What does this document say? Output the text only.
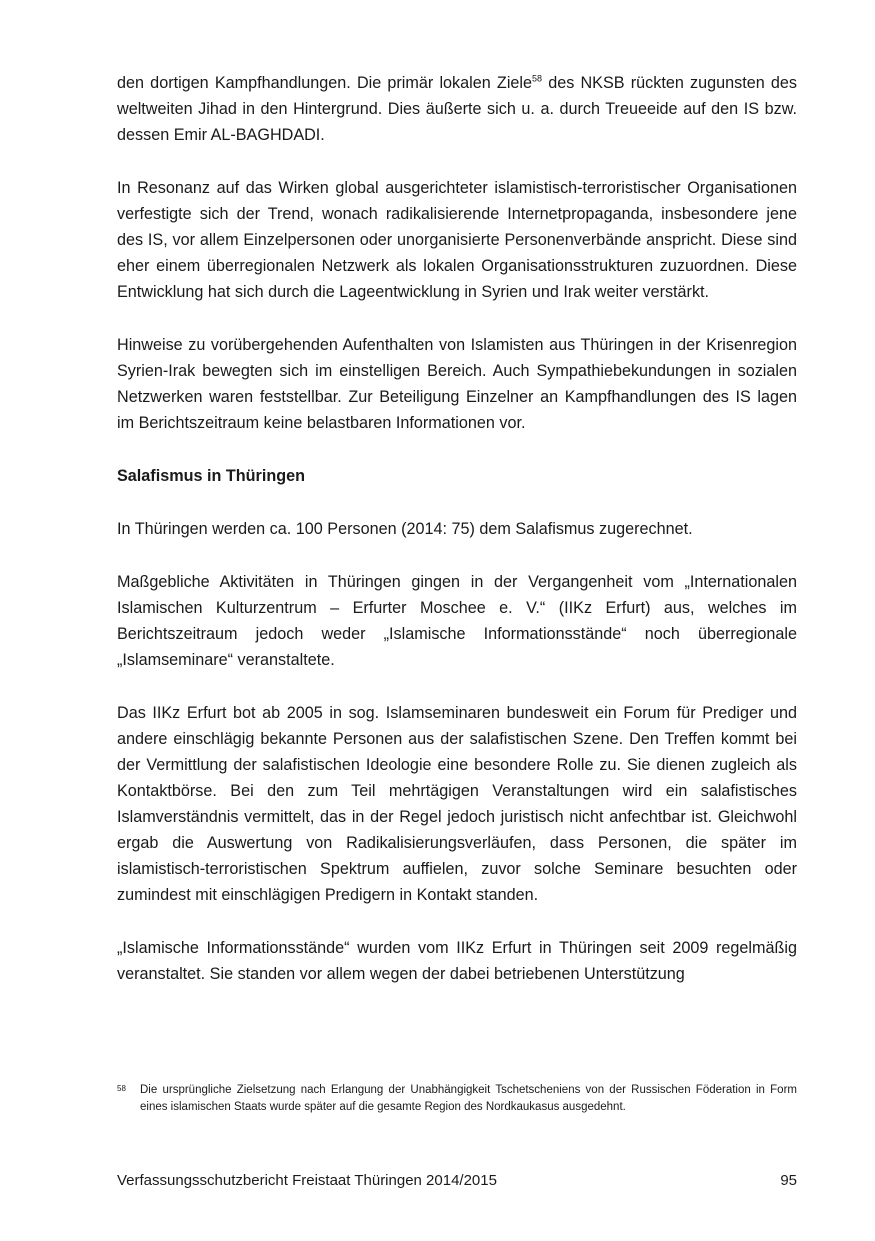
den dortigen Kampfhandlungen. Die primär lokalen Ziele$^{58}$ des NKSB rückten zugunsten des weltweiten Jihad in den Hintergrund. Dies äußerte sich u. a. durch Treueeide auf den IS bzw. dessen Emir AL-BAGHDADI.

In Resonanz auf das Wirken global ausgerichteter islamistisch-terroristischer Organisationen verfestigte sich der Trend, wonach radikalisierende Internetpropaganda, insbesondere jene des IS, vor allem Einzelpersonen oder unorganisierte Personenverbände anspricht. Diese sind eher einem überregionalen Netzwerk als lokalen Organisationsstrukturen zuzuordnen. Diese Entwicklung hat sich durch die Lageentwicklung in Syrien und Irak weiter verstärkt.

Hinweise zu vorübergehenden Aufenthalten von Islamisten aus Thüringen in der Krisenregion Syrien-Irak bewegten sich im einstelligen Bereich. Auch Sympathiebekundungen in sozialen Netzwerken waren feststellbar. Zur Beteiligung Einzelner an Kampfhandlungen des IS lagen im Berichtszeitraum keine belastbaren Informationen vor.

Salafismus in Thüringen

In Thüringen werden ca. 100 Personen (2014: 75) dem Salafismus zugerechnet.

Maßgebliche Aktivitäten in Thüringen gingen in der Vergangenheit vom „Internationalen Islamischen Kulturzentrum – Erfurter Moschee e. V.“ (IIKz Erfurt) aus, welches im Berichtszeitraum jedoch weder „Islamische Informationsstände“ noch überregionale „Islamseminare“ veranstaltete.

Das IIKz Erfurt bot ab 2005 in sog. Islamseminaren bundesweit ein Forum für Prediger und andere einschlägig bekannte Personen aus der salafistischen Szene. Den Treffen kommt bei der Vermittlung der salafistischen Ideologie eine besondere Rolle zu. Sie dienen zugleich als Kontaktbörse. Bei den zum Teil mehrtägigen Veranstaltungen wird ein salafistisches Islamverständnis vermittelt, das in der Regel jedoch juristisch nicht anfechtbar ist. Gleichwohl ergab die Auswertung von Radikalisierungsverläufen, dass Personen, die später im islamistisch-terroristischen Spektrum auffielen, zuvor solche Seminare besuchten oder zumindest mit einschlägigen Predigern in Kontakt standen.

„Islamische Informationsstände“ wurden vom IIKz Erfurt in Thüringen seit 2009 regelmäßig veranstaltet. Sie standen vor allem wegen der dabei betriebenen Unterstützung

58	Die ursprüngliche Zielsetzung nach Erlangung der Unabhängigkeit Tschetscheniens von der Russischen Föderation in Form eines islamischen Staats wurde später auf die gesamte Region des Nordkaukasus ausgedehnt.
Verfassungsschutzbericht Freistaat Thüringen 2014/2015	95
